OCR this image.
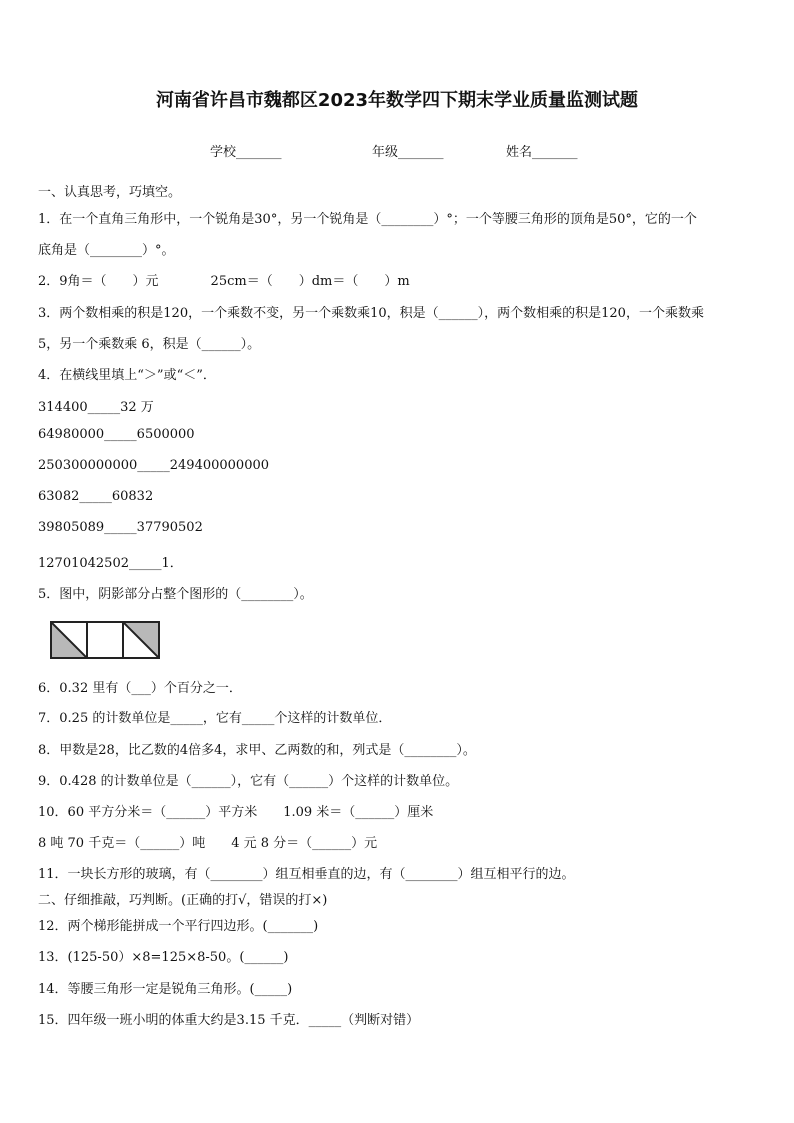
河南省许昌市魏都区2023年数学四下期末学业质量监测试题
学校_______	年级_______	姓名_______
一、认真思考，巧填空。
1．在一个直角三角形中，一个锐角是30°，另一个锐角是（________）°；一个等腰三角形的顶角是50°，它的一个
底角是（________）°。
2．9角＝（　　）元　　　　25cm＝（　　）dm＝（　　）m
3．两个数相乘的积是120，一个乘数不变，另一个乘数乘10，积是（______），两个数相乘的积是120，一个乘数乘
5，另一个乘数乘 6，积是（______）。
4．在横线里填上“＞”或“＜”．
314400_____32 万
64980000_____6500000
250300000000_____249400000000
63082_____60832
39805089_____37790502
12701042502_____1．
5．图中，阴影部分占整个图形的（________）。
6．0.32 里有（___）个百分之一．
7．0.25 的计数单位是_____，它有_____个这样的计数单位．
8．甲数是28，比乙数的4倍多4，求甲、乙两数的和，列式是（________）。
9．0.428 的计数单位是（______），它有（______）个这样的计数单位。
10．60 平方分米＝（______）平方米　　1.09 米＝（______）厘米
8 吨 70 千克＝（______）吨　　4 元 8 分＝（______）元
11．一块长方形的玻璃，有（________）组互相垂直的边，有（________）组互相平行的边。
二、仔细推敲，巧判断。(正确的打√，错误的打×)
12．两个梯形能拼成一个平行四边形。(_______)
13．(125-50）×8=125×8-50。(______)
14．等腰三角形一定是锐角三角形。(_____)
15．四年级一班小明的体重大约是3.15 千克．_____（判断对错）
